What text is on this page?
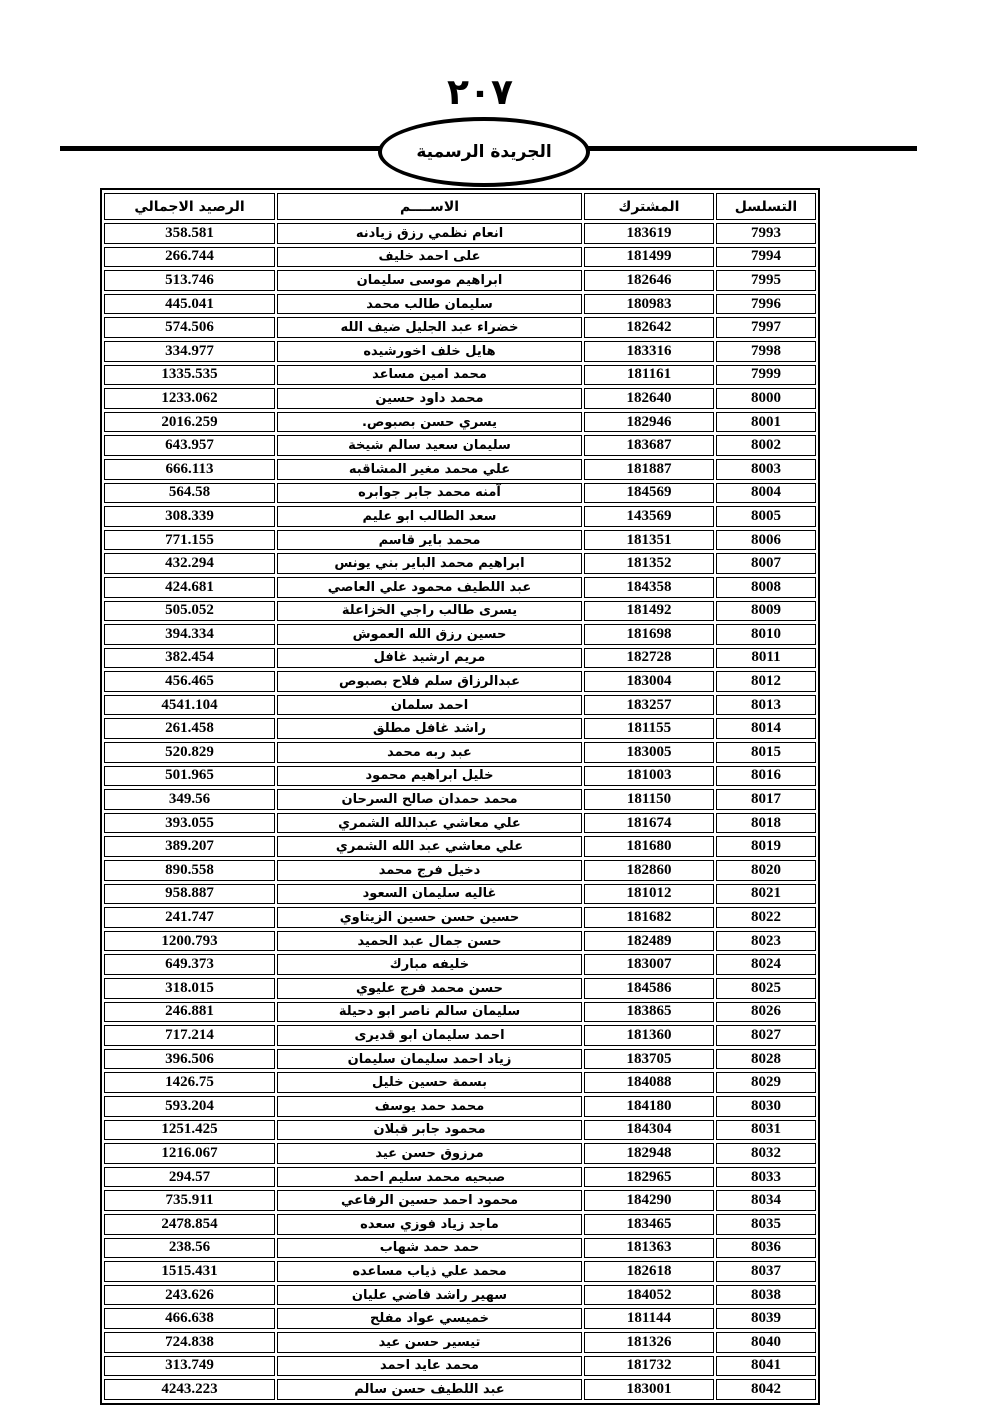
٢٠٧
الجريدة الرسمية
التسلسل	المشترك	الاســــم	الرصيد الاجمالي
7993	183619	انعام نظمي رزق زيادنه	358.581
7994	181499	على احمد خليف	266.744
7995	182646	ابراهيم موسى سليمان	513.746
7996	180983	سليمان طالب محمد	445.041
7997	182642	خضراء عبد الجليل ضيف الله	574.506
7998	183316	هايل خلف اخورشيده	334.977
7999	181161	محمد امين مساعد	1335.535
8000	182640	محمد داود حسين	1233.062
8001	182946	يسري حسن بصبوص.	2016.259
8002	183687	سليمان سعيد سالم شيخة	643.957
8003	181887	علي محمد مغير المشاقبه	666.113
8004	184569	آمنه محمد جابر جوابره	564.58
8005	143569	سعد الطالب ابو عليم	308.339
8006	181351	محمد باير قاسم	771.155
8007	181352	ابراهيم محمد الباير بني يونس	432.294
8008	184358	عبد اللطيف محمود علي العاصي	424.681
8009	181492	يسرى طالب راجي الخزاعلة	505.052
8010	181698	حسين رزق الله العموش	394.334
8011	182728	مريم ارشيد غافل	382.454
8012	183004	عبدالرزاق سلم فلاح بصبوص	456.465
8013	183257	احمد سلمان	4541.104
8014	181155	راشد غافل مطلق	261.458
8015	183005	عبد ربه محمد	520.829
8016	181003	خليل ابراهيم محمود	501.965
8017	181150	محمد حمدان صالح السرحان	349.56
8018	181674	علي معاشي عبدالله الشمري	393.055
8019	181680	علي معاشي عبد الله الشمري	389.207
8020	182860	دخيل فرج محمد	890.558
8021	181012	غاليه سليمان السعود	958.887
8022	181682	حسين حسن حسين الزيتاوي	241.747
8023	182489	حسن جمال عبد الحميد	1200.793
8024	183007	خليفه مبارك	649.373
8025	184586	حسن محمد فرج عليوي	318.015
8026	183865	سليمان سالم ناصر ابو دحيلة	246.881
8027	181360	احمد سليمان ابو قديرى	717.214
8028	183705	زياد احمد سليمان سليمان	396.506
8029	184088	بسمة حسين خليل	1426.75
8030	184180	محمد حمد يوسف	593.204
8031	184304	محمود جابر قبلان	1251.425
8032	182948	مرزوق حسن عيد	1216.067
8033	182965	صبحيه محمد سليم احمد	294.57
8034	184290	محمود احمد حسين الرفاعي	735.911
8035	183465	ماجد زياد فوزي سعده	2478.854
8036	181363	حمد حمد شهاب	238.56
8037	182618	محمد علي ذياب مساعده	1515.431
8038	184052	سهير راشد فاضي عليان	243.626
8039	181144	خميسي عواد مفلح	466.638
8040	181326	تيسير حسن عيد	724.838
8041	181732	محمد عايد احمد	313.749
8042	183001	عبد اللطيف حسن سالم	4243.223
